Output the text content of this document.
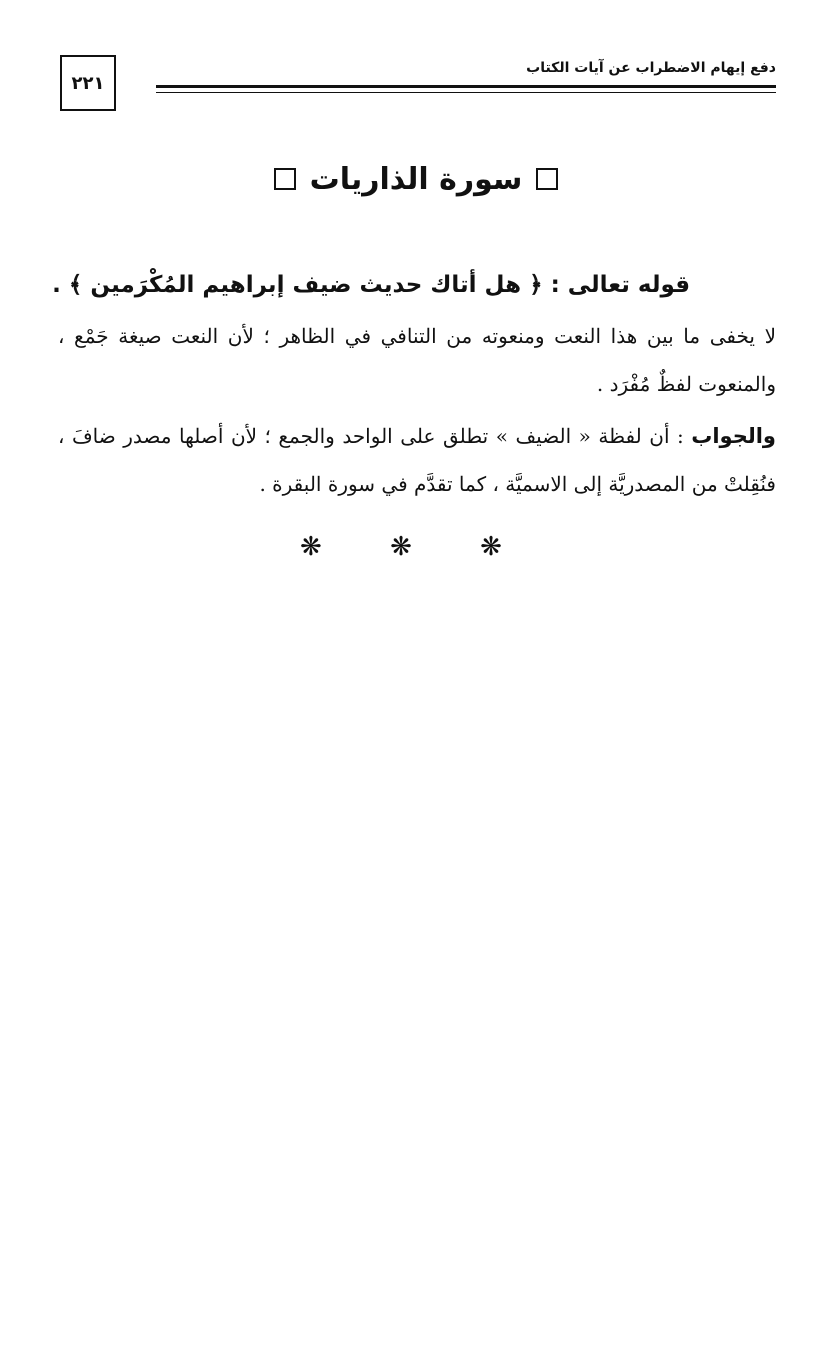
٢٢١
دفع إيهام الاضطراب عن آيات الكتاب
سورة الذاريات
قوله تعالى : ﴿ هل أتاك حديث ضيف إبراهيم المُكْرَمين ﴾ .

لا يخفى ما بين هذا النعت ومنعوته من التنافي في الظاهر ؛ لأن النعت صيغة جَمْع ، والمنعوت لفظٌ مُفْرَد .

والجواب : أن لفظة « الضيف » تطلق على الواحد والجمع ؛ لأن أصلها مصدر ضافَ ، فنُقِلتْ من المصدريَّة إلى الاسميَّة ، كما تقدَّم في سورة البقرة .

❋ ❋ ❋
